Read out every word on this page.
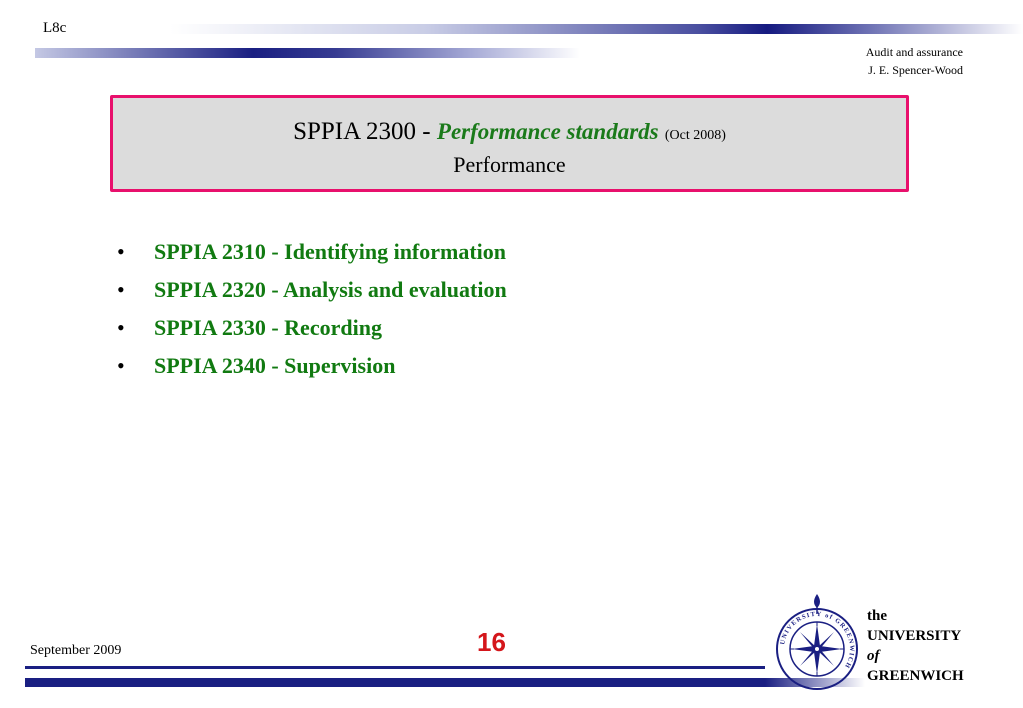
L8c
Audit and assurance
J. E. Spencer-Wood
SPPIA 2300 - Performance standards (Oct 2008)
Performance
•	SPPIA 2310 - Identifying information
•	SPPIA 2320 - Analysis and evaluation
•	SPPIA 2330 - Recording
•	SPPIA 2340 - Supervision
September 2009	16	UNIVERSITY of GREENWICH
the
UNIVERSITY
of
GREENWICH
